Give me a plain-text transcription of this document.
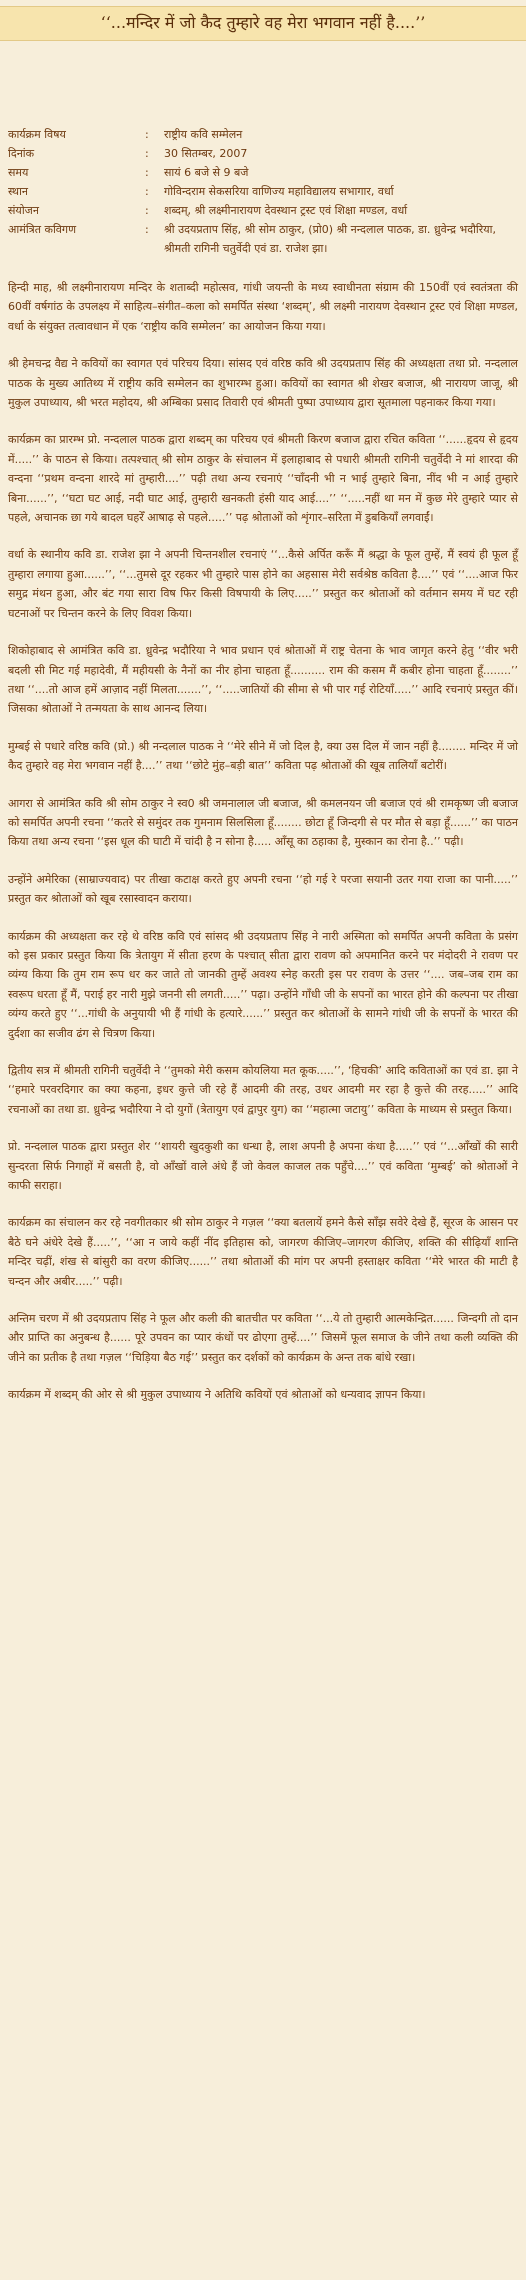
‘‘...मन्दिर में जो कैद तुम्हारे वह मेरा भगवान नहीं है....’’
कार्यक्रम विषय	:	राष्ट्रीय कवि सम्मेलन
दिनांक	:	30 सितम्बर, 2007
समय	:	सायं 6 बजे से 9 बजे
स्थान	:	गोविन्दराम सेकसरिया वाणिज्य महाविद्यालय सभागार, वर्धा
संयोजन	:	शब्दम्, श्री लक्ष्मीनारायण देवस्थान ट्रस्ट एवं शिक्षा मण्डल, वर्धा
आमंत्रित कविगण	:	श्री उदयप्रताप सिंह, श्री सोम ठाकुर, (प्रो0) श्री नन्दलाल पाठक, डा. ध्रुवेन्द्र भदौरिया, श्रीमती रागिनी चतुर्वेदी एवं डा. राजेश झा।

हिन्दी माह, श्री लक्ष्मीनारायण मन्दिर के शताब्दी महोत्सव, गांधी जयन्ती के मध्य स्वाधीनता संग्राम की 150वीं एवं स्वतंत्रता की 60वीं वर्षगांठ के उपलक्ष्य में साहित्य–संगीत–कला को समर्पित संस्था ‘शब्दम्’, श्री लक्ष्मी नारायण देवस्थान ट्रस्ट एवं शिक्षा मण्डल, वर्धा के संयुक्त तत्वावधान में एक ‘राष्ट्रीय कवि सम्मेलन’ का आयोजन किया गया।

श्री हेमचन्द्र वैद्य ने कवियों का स्वागत एवं परिचय दिया। सांसद एवं वरिष्ठ कवि श्री उदयप्रताप सिंह की अध्यक्षता तथा प्रो. नन्दलाल पाठक के मुख्य आतिथ्य में राष्ट्रीय कवि सम्मेलन का शुभारम्भ हुआ। कवियों का स्वागत श्री शेखर बजाज, श्री नारायण जाजू, श्री मुकुल उपाध्याय, श्री भरत महोदय, श्री अम्बिका प्रसाद तिवारी एवं श्रीमती पुष्पा उपाध्याय द्वारा सूतमाला पहनाकर किया गया।

कार्यक्रम का प्रारम्भ प्रो. नन्दलाल पाठक द्वारा शब्दम् का परिचय एवं श्रीमती किरण बजाज द्वारा रचित कविता ‘‘......हृदय से हृदय में.....’’ के पाठन से किया। तत्पश्चात् श्री सोम ठाकुर के संचालन में इलाहाबाद से पधारी श्रीमती रागिनी चतुर्वेदी ने मां शारदा की वन्दना ‘‘प्रथम वन्दना शारदे मां तुम्हारी....’’ पढ़ी तथा अन्य रचनाएं ‘‘चाँदनी भी न भाई तुम्हारे बिना, नींद भी न आई तुम्हारे बिना......’’, ‘‘घटा घट आई, नदी घाट आई, तुम्हारी खनकती हंसी याद आई....’’ ‘‘.....नहीं था मन में कुछ मेरे तुम्हारे प्यार से पहले, अचानक छा गये बादल घहरेँ आषाढ़ से पहले.....’’ पढ़ श्रोताओं को शृंगार–सरिता में डुबकियाँ लगवाईं।

वर्धा के स्थानीय कवि डा. राजेश झा ने अपनी चिन्तनशील रचनाएं ‘‘...कैसे अर्पित करूँ मैं श्रद्धा के फूल तुम्हें, मैं स्वयं ही फूल हूँ तुम्हारा लगाया हुआ......’’, ‘‘...तुमसे दूर रहकर भी तुम्हारे पास होने का अहसास मेरी सर्वश्रेष्ठ कविता है....’’ एवं ‘‘....आज फिर समुद्र मंथन हुआ, और बंट गया सारा विष फिर किसी विषपायी के लिए.....’’ प्रस्तुत कर श्रोताओं को वर्तमान समय में घट रही घटनाओं पर चिन्तन करने के लिए विवश किया।

शिकोहाबाद से आमंत्रित कवि डा. ध्रुवेन्द्र भदौरिया ने भाव प्रधान एवं श्रोताओं में राष्ट्र चेतना के भाव जागृत करने हेतु ‘‘वीर भरी बदली सी मिट गई महादेवी, मैं महीयसी के नैनों का नीर होना चाहता हूँ.......... राम की कसम मैं कबीर होना चाहता हूँ........’’ तथा ‘‘....तो आज हमें आज़ाद नहीं मिलता.......’’, ‘‘.....जातियों की सीमा से भी पार गई रोटियाँ.....’’ आदि रचनाएं प्रस्तुत कीं। जिसका श्रोताओं ने तन्मयता के साथ आनन्द लिया।

मुम्बई से पधारे वरिष्ठ कवि (प्रो.) श्री नन्दलाल पाठक ने ‘‘मेरे सीने में जो दिल है, क्या उस दिल में जान नहीं है........ मन्दिर में जो कैद तुम्हारे वह मेरा भगवान नहीं है....’’ तथा ‘‘छोटे मुंह–बड़ी बात’’ कविता पढ़ श्रोताओं की खूब तालियाँ बटोरीं।

आगरा से आमंत्रित कवि श्री सोम ठाकुर ने स्व0 श्री जमनालाल जी बजाज, श्री कमलनयन जी बजाज एवं श्री रामकृष्ण जी बजाज को समर्पित अपनी रचना ‘‘कतरे से समुंदर तक गुमनाम सिलसिला हूँ........ छोटा हूँ जिन्दगी से पर मौत से बड़ा हूँ......’’ का पाठन किया तथा अन्य रचना ‘‘इस धूल की घाटी में चांदी है न सोना है..... आँसू का ठहाका है, मुस्कान का रोना है..’’ पढ़ी।

उन्होंने अमेरिका (साम्राज्यवाद) पर तीखा कटाक्ष करते हुए अपनी रचना ‘‘हो गई रे परजा सयानी उतर गया राजा का पानी.....’’ प्रस्तुत कर श्रोताओं को खूब रसास्वादन कराया।

कार्यक्रम की अध्यक्षता कर रहे थे वरिष्ठ कवि एवं सांसद श्री उदयप्रताप सिंह ने नारी अस्मिता को समर्पित अपनी कविता के प्रसंग को इस प्रकार प्रस्तुत किया कि त्रेतायुग में सीता हरण के पश्चात् सीता द्वारा रावण को अपमानित करने पर मंदोदरी ने रावण पर व्यंग्य किया कि तुम राम रूप धर कर जाते तो जानकी तुम्हें अवश्य स्नेह करती इस पर रावण के उत्तर ‘‘.... जब–जब राम का स्वरूप धरता हूँ मैं, पराई हर नारी मुझे जननी सी लगती.....’’ पढ़ा। उन्होंने गाँधी जी के सपनों का भारत होने की कल्पना पर तीखा व्यंग्य करते हुए ‘‘...गांधी के अनुयायी भी हैं गांधी के हत्यारे......’’ प्रस्तुत कर श्रोताओं के सामने गांधी जी के सपनों के भारत की दुर्दशा का सजीव ढंग से चित्रण किया।

द्वितीय सत्र में श्रीमती रागिनी चतुर्वेदी ने ‘‘तुमको मेरी कसम कोयलिया मत कूक.....’’, ‘हिचकी’ आदि कविताओं का एवं डा. झा ने ‘‘हमारे परवरदिगार का क्या कहना, इधर कुत्ते जी रहे हैं आदमी की तरह, उधर आदमी मर रहा है कुत्ते की तरह.....’’ आदि रचनाओं का तथा डा. ध्रुवेन्द्र भदौरिया ने दो युगों (त्रेतायुग एवं द्वापुर युग) का ‘‘महात्मा जटायु’’ कविता के माध्यम से प्रस्तुत किया।

प्रो. नन्दलाल पाठक द्वारा प्रस्तुत शेर ‘‘शायरी खुदकुशी का धन्धा है, लाश अपनी है अपना कंधा है.....’’ एवं ‘‘...आँखों की सारी सुन्दरता सिर्फ निगाहों में बसती है, वो आँखों वाले अंधे हैं जो केवल काजल तक पहुँचे....’’ एवं कविता ‘मुम्बई’ को श्रोताओं ने काफी सराहा।

कार्यक्रम का संचालन कर रहे नवगीतकार श्री सोम ठाकुर ने गज़ल ‘‘क्या बतलायें हमने कैसे साँझ सवेरे देखे हैं, सूरज के आसन पर बैठे घने अंधेरे देखे हैं.....’’, ‘‘आ न जाये कहीं नींद इतिहास को, जागरण कीजिए–जागरण कीजिए, शक्ति की सीढ़ियाँ शान्ति मन्दिर चढ़ीं, शंख से बांसुरी का वरण कीजिए......’’ तथा श्रोताओं की मांग पर अपनी हस्ताक्षर कविता ‘‘मेरे भारत की माटी है चन्दन और अबीर.....’’ पढ़ी।

अन्तिम चरण में श्री उदयप्रताप सिंह ने फूल और कली की बातचीत पर कविता ‘‘...ये तो तुम्हारी आत्मकेन्द्रित...... जिन्दगी तो दान और प्राप्ति का अनुबन्ध है...... पूरे उपवन का प्यार कंधों पर ढोएगा तुम्हें....’’ जिसमें फूल समाज के जीने तथा कली व्यक्ति की जीने का प्रतीक है तथा गज़ल ‘‘चिड़िया बैठ गई’’ प्रस्तुत कर दर्शकों को कार्यक्रम के अन्त तक बांधे रखा।

कार्यक्रम में शब्दम् की ओर से श्री मुकुल उपाध्याय ने अतिथि कवियों एवं श्रोताओं को धन्यवाद ज्ञापन किया।
